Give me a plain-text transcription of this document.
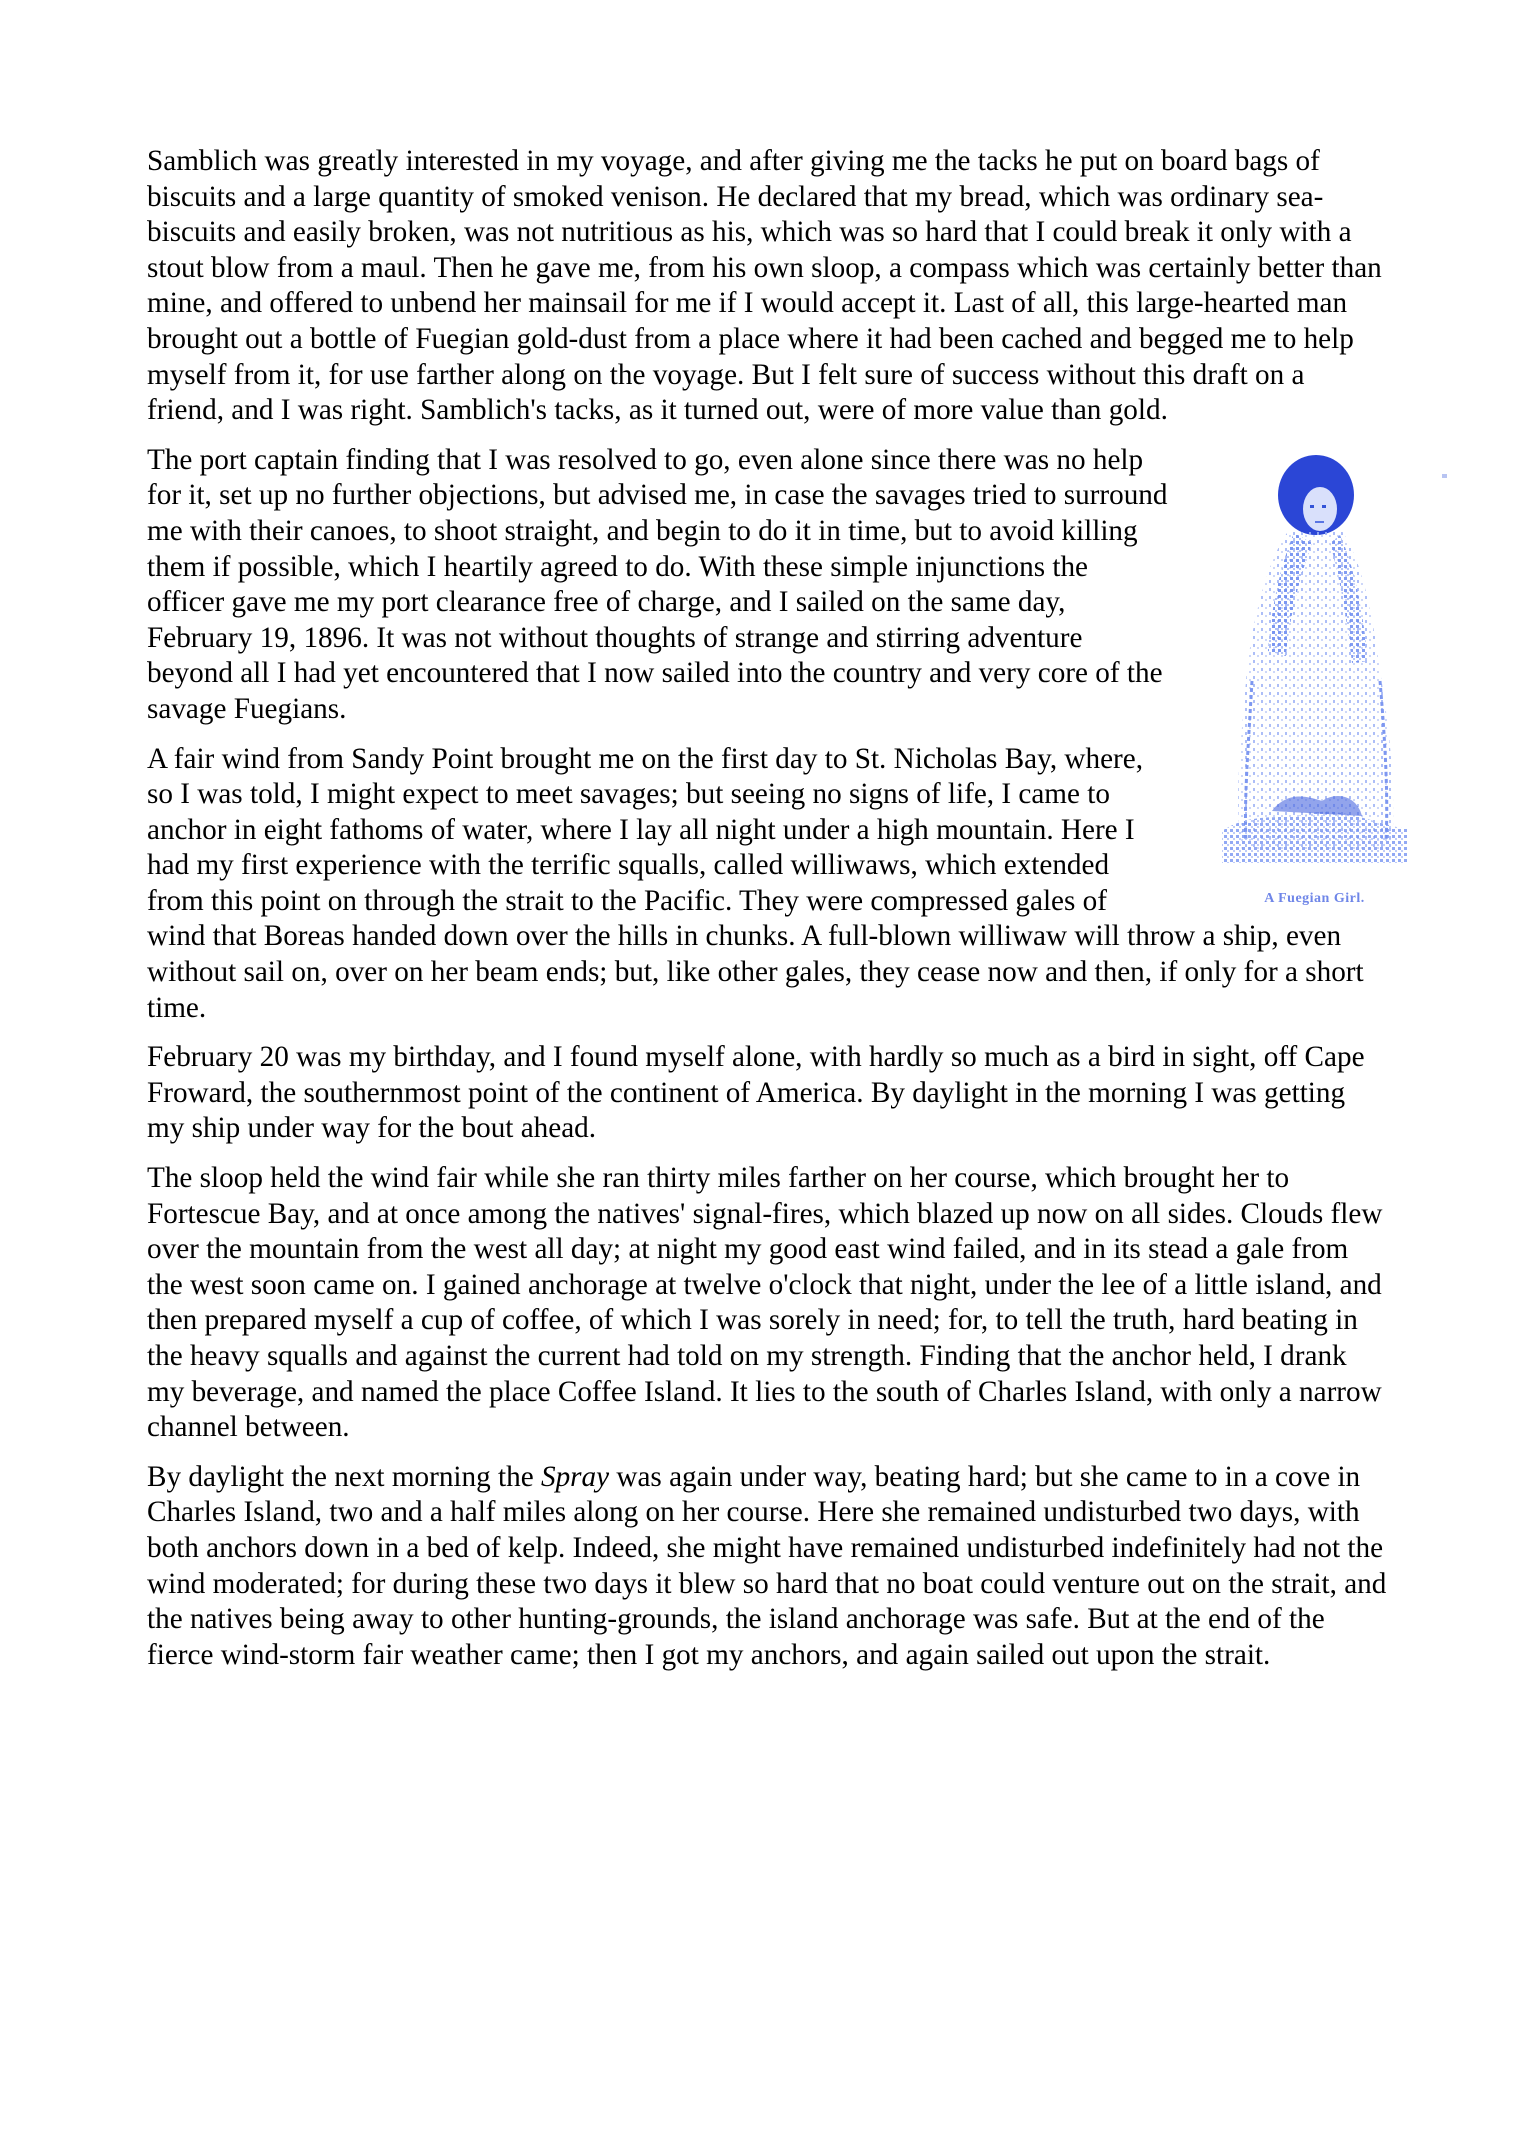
Samblich was greatly interested in my voyage, and after giving me the tacks he put on board bags of biscuits and a large quantity of smoked venison. He declared that my bread, which was ordinary sea-biscuits and easily broken, was not nutritious as his, which was so hard that I could break it only with a stout blow from a maul. Then he gave me, from his own sloop, a compass which was certainly better than mine, and offered to unbend her mainsail for me if I would accept it. Last of all, this large-hearted man brought out a bottle of Fuegian gold-dust from a place where it had been cached and begged me to help myself from it, for use farther along on the voyage. But I felt sure of success without this draft on a friend, and I was right. Samblich's tacks, as it turned out, were of more value than gold.

A Fuegian Girl.

The port captain finding that I was resolved to go, even alone since there was no help for it, set up no further objections, but advised me, in case the savages tried to surround me with their canoes, to shoot straight, and begin to do it in time, but to avoid killing them if possible, which I heartily agreed to do. With these simple injunctions the officer gave me my port clearance free of charge, and I sailed on the same day, February 19, 1896. It was not without thoughts of strange and stirring adventure beyond all I had yet encountered that I now sailed into the country and very core of the savage Fuegians.

A fair wind from Sandy Point brought me on the first day to St. Nicholas Bay, where, so I was told, I might expect to meet savages; but seeing no signs of life, I came to anchor in eight fathoms of water, where I lay all night under a high mountain. Here I had my first experience with the terrific squalls, called williwaws, which extended from this point on through the strait to the Pacific. They were compressed gales of wind that Boreas handed down over the hills in chunks. A full-blown williwaw will throw a ship, even without sail on, over on her beam ends; but, like other gales, they cease now and then, if only for a short time.

February 20 was my birthday, and I found myself alone, with hardly so much as a bird in sight, off Cape Froward, the southernmost point of the continent of America. By daylight in the morning I was getting my ship under way for the bout ahead.

The sloop held the wind fair while she ran thirty miles farther on her course, which brought her to Fortescue Bay, and at once among the natives' signal-fires, which blazed up now on all sides. Clouds flew over the mountain from the west all day; at night my good east wind failed, and in its stead a gale from the west soon came on. I gained anchorage at twelve o'clock that night, under the lee of a little island, and then prepared myself a cup of coffee, of which I was sorely in need; for, to tell the truth, hard beating in the heavy squalls and against the current had told on my strength. Finding that the anchor held, I drank my beverage, and named the place Coffee Island. It lies to the south of Charles Island, with only a narrow channel between.

By daylight the next morning the Spray was again under way, beating hard; but she came to in a cove in Charles Island, two and a half miles along on her course. Here she remained undisturbed two days, with both anchors down in a bed of kelp. Indeed, she might have remained undisturbed indefinitely had not the wind moderated; for during these two days it blew so hard that no boat could venture out on the strait, and the natives being away to other hunting-grounds, the island anchorage was safe. But at the end of the fierce wind-storm fair weather came; then I got my anchors, and again sailed out upon the strait.
